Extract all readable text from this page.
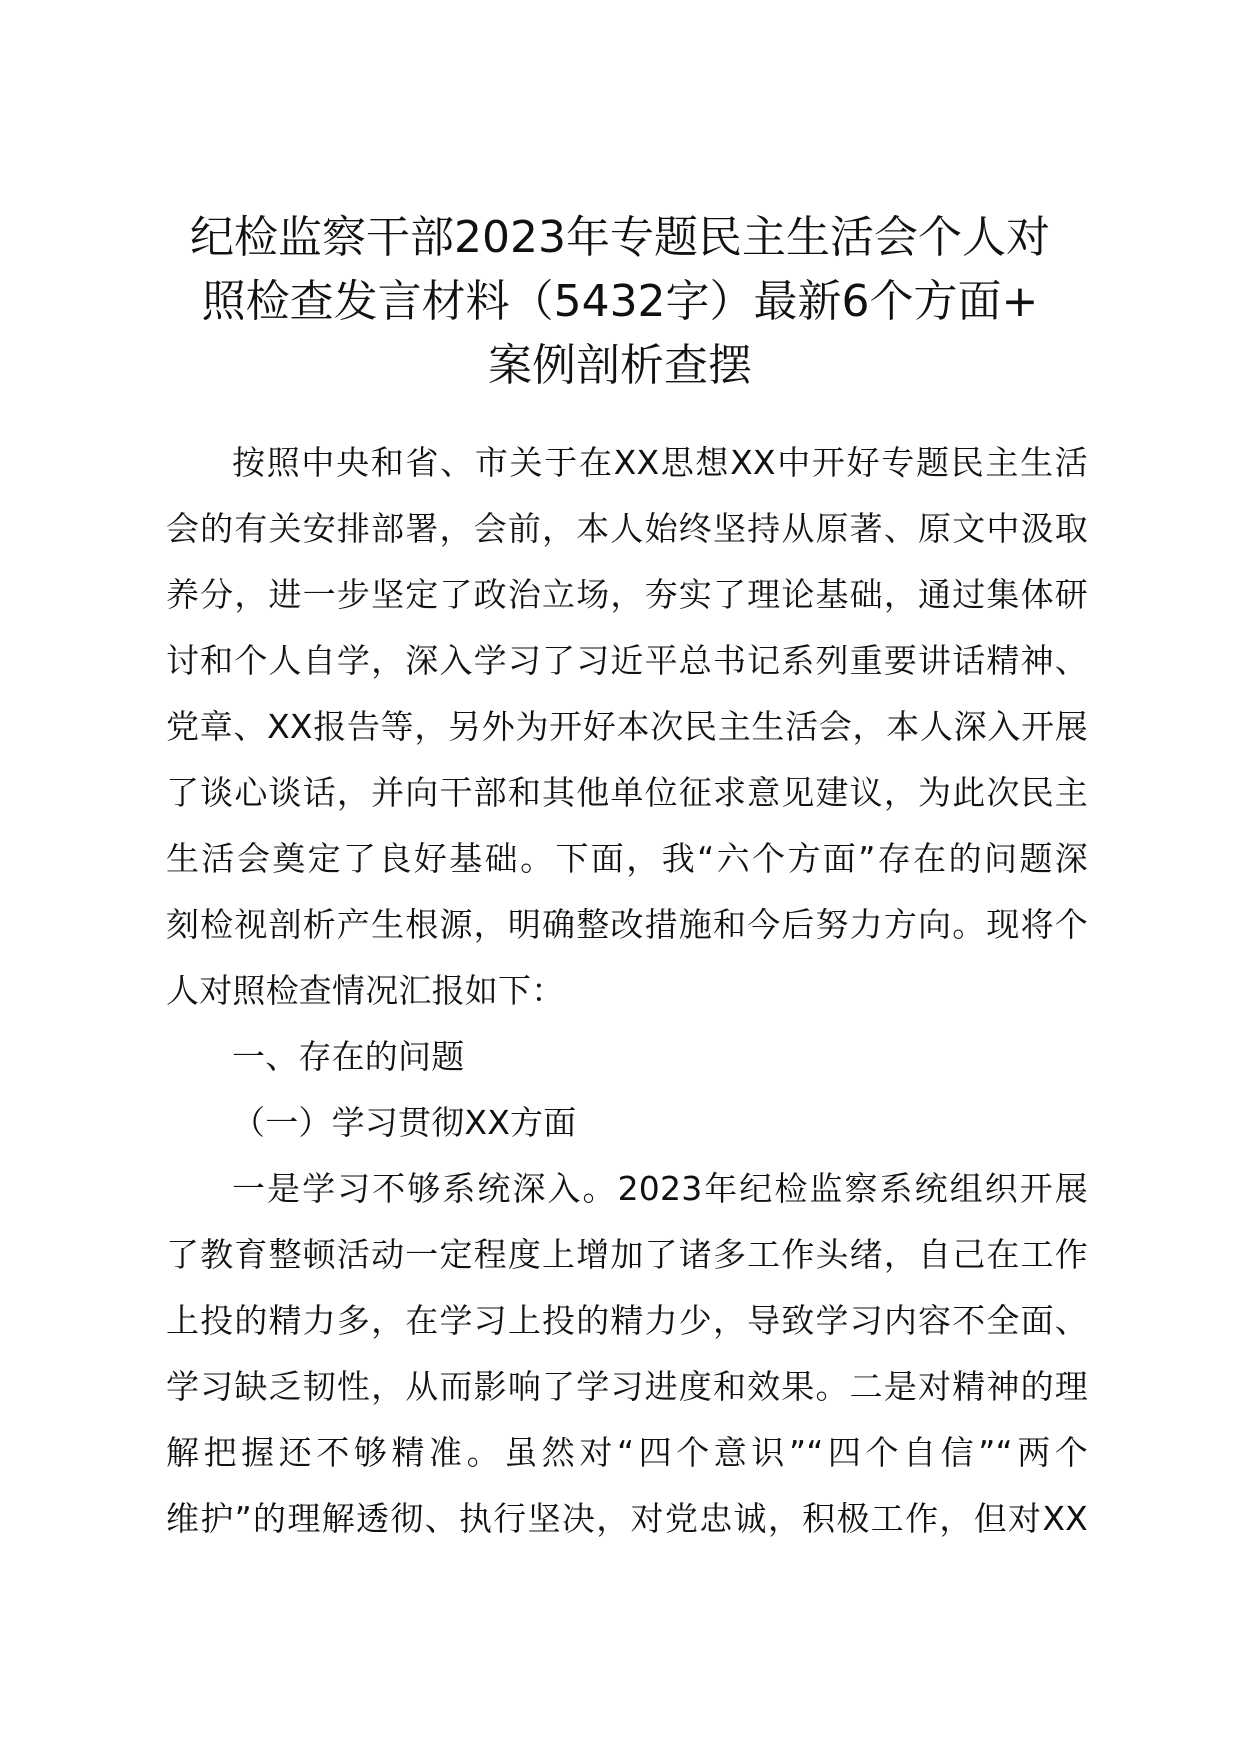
纪检监察干部2023年专题民主生活会个人对
照检查发言材料（5432字）最新6个方面+
案例剖析查摆
按照中央和省、市关于在XX思想XX中开好专题民主生活
会的有关安排部署，会前，本人始终坚持从原著、原文中汲取
养分，进一步坚定了政治立场，夯实了理论基础，通过集体研
讨和个人自学，深入学习了习近平总书记系列重要讲话精神、
党章、XX报告等，另外为开好本次民主生活会，本人深入开展
了谈心谈话，并向干部和其他单位征求意见建议，为此次民主
生活会奠定了良好基础。下面，我“六个方面”存在的问题深
刻检视剖析产生根源，明确整改措施和今后努力方向。现将个
人对照检查情况汇报如下：
一、存在的问题
（一）学习贯彻XX方面
一是学习不够系统深入。2023年纪检监察系统组织开展
了教育整顿活动一定程度上增加了诸多工作头绪，自己在工作
上投的精力多，在学习上投的精力少，导致学习内容不全面、
学习缺乏韧性，从而影响了学习进度和效果。二是对精神的理
解把握还不够精准。虽然对“四个意识”“四个自信”“两个
维护”的理解透彻、执行坚决，对党忠诚，积极工作，但对XX
